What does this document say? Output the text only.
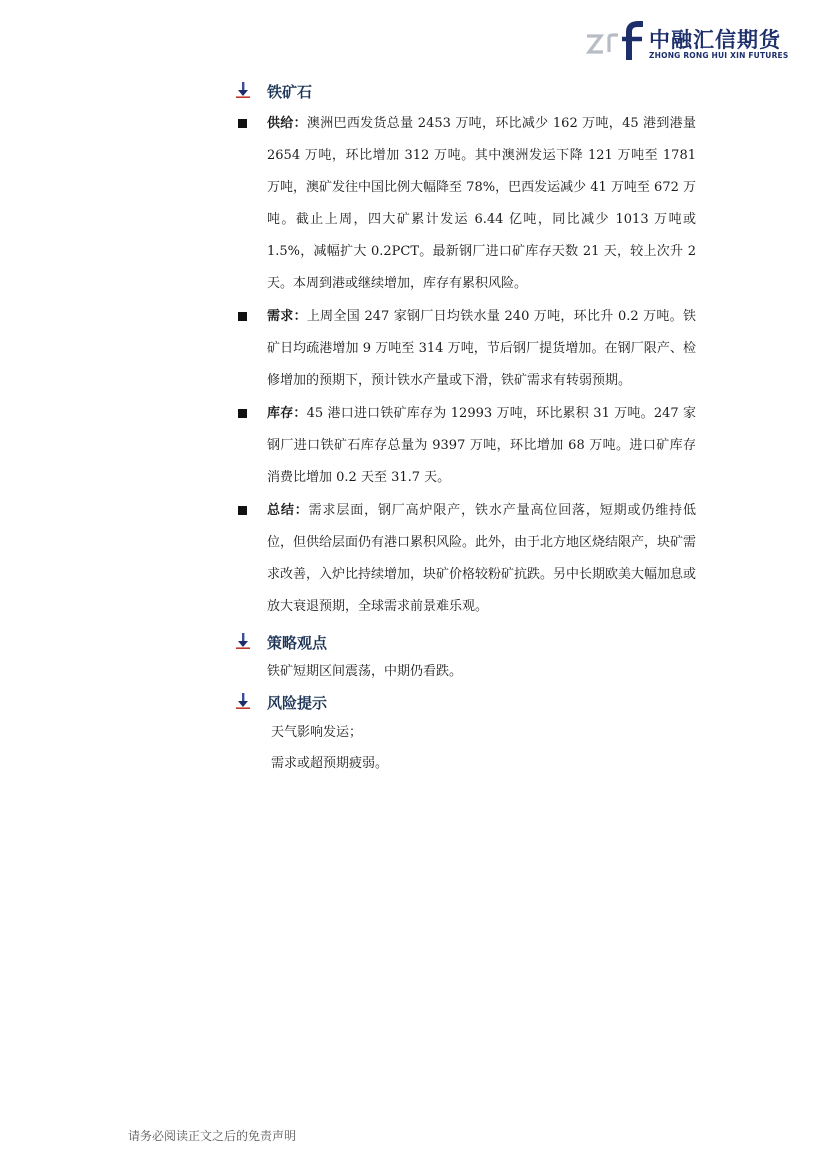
中融汇信期货
ZHONG RONG HUI XIN FUTURES
铁矿石
供给：澳洲巴西发货总量 2453 万吨，环比减少 162 万吨，45 港到港量 2654 万吨，环比增加 312 万吨。其中澳洲发运下降 121 万吨至 1781 万吨，澳矿发往中国比例大幅降至 78%，巴西发运减少 41 万吨至 672 万吨。截止上周，四大矿累计发运 6.44 亿吨，同比减少 1013 万吨或 1.5%，减幅扩大 0.2PCT。最新钢厂进口矿库存天数 21 天，较上次升 2 天。本周到港或继续增加，库存有累积风险。
需求：上周全国 247 家钢厂日均铁水量 240 万吨，环比升 0.2 万吨。铁矿日均疏港增加 9 万吨至 314 万吨，节后钢厂提货增加。在钢厂限产、检修增加的预期下，预计铁水产量或下滑，铁矿需求有转弱预期。
库存：45 港口进口铁矿库存为 12993 万吨，环比累积 31 万吨。247 家钢厂进口铁矿石库存总量为 9397 万吨，环比增加 68 万吨。进口矿库存消费比增加 0.2 天至 31.7 天。
总结：需求层面，钢厂高炉限产，铁水产量高位回落，短期或仍维持低位，但供给层面仍有港口累积风险。此外，由于北方地区烧结限产，块矿需求改善，入炉比持续增加，块矿价格较粉矿抗跌。另中长期欧美大幅加息或放大衰退预期，全球需求前景难乐观。
策略观点
铁矿短期区间震荡，中期仍看跌。
风险提示
天气影响发运；
需求或超预期疲弱。
请务必阅读正文之后的免责声明
